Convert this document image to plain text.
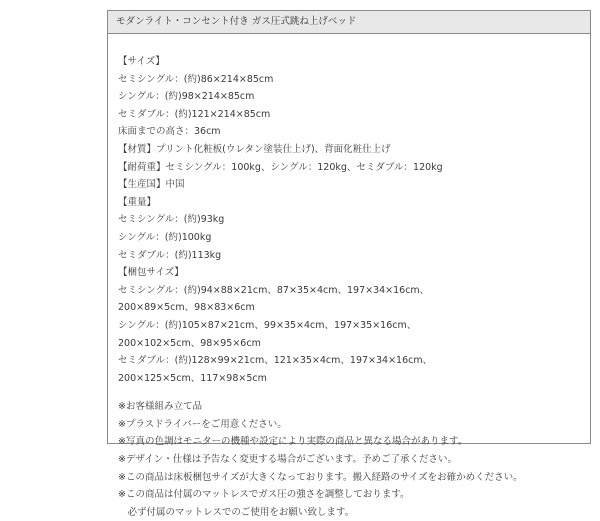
モダンライト・コンセント付き ガス圧式跳ね上げベッド
【サイズ】
セミシングル：(約)86×214×85cm
シングル：(約)98×214×85cm
セミダブル：(約)121×214×85cm
床面までの高さ：36cm
【材質】プリント化粧板(ウレタン塗装仕上げ)、背面化粧仕上げ
【耐荷重】セミシングル：100kg、シングル：120kg、セミダブル：120kg
【生産国】中国
【重量】
セミシングル：(約)93kg
シングル：(約)100kg
セミダブル：(約)113kg
【梱包サイズ】
セミシングル：(約)94×88×21cm、87×35×4cm、197×34×16cm、
200×89×5cm、98×83×6cm
シングル：(約)105×87×21cm、99×35×4cm、197×35×16cm、
200×102×5cm、98×95×6cm
セミダブル：(約)128×99×21cm、121×35×4cm、197×34×16cm、
200×125×5cm、117×98×5cm
※お客様組み立て品
※プラスドライバーをご用意ください。
※写真の色調はモニターの機種や設定により実際の商品と異なる場合があります。
※デザイン・仕様は予告なく変更する場合がございます。予めご了承ください。
※この商品は床板梱包サイズが大きくなっております。搬入経路のサイズをお確かめください。
※この商品は付属のマットレスでガス圧の強さを調整しております。
　必ず付属のマットレスでのご使用をお願い致します。
